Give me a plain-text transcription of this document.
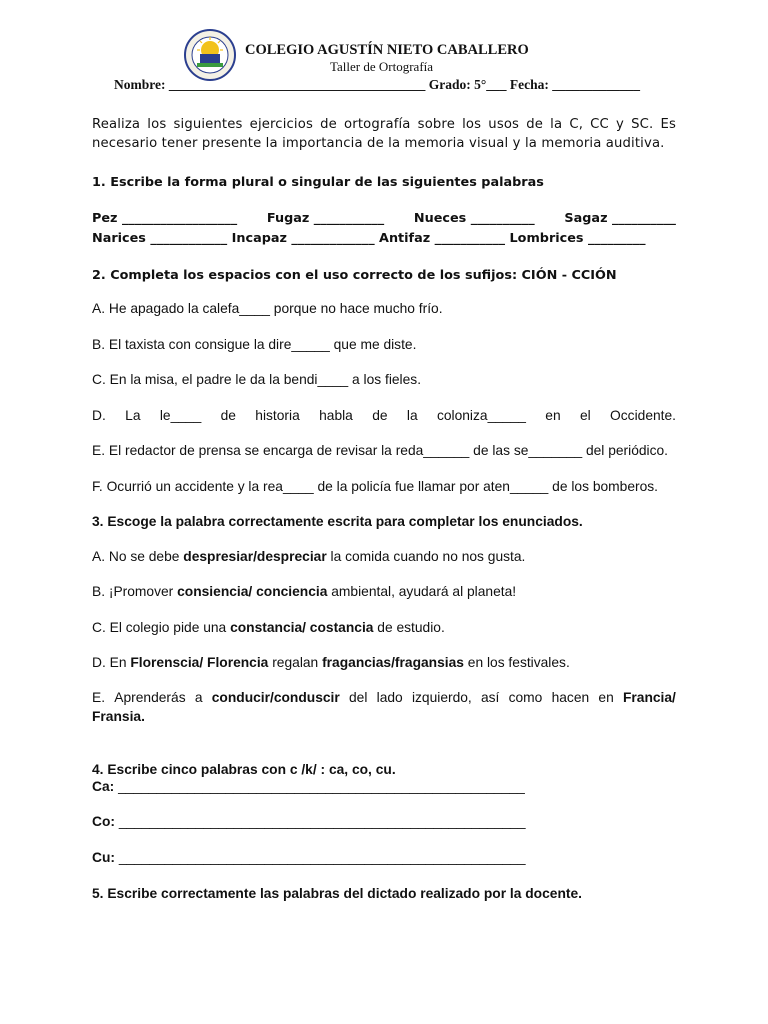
COLEGIO AGUSTÍN NIETO CABALLERO
Taller de Ortografía
Nombre: ______________________________________ Grado: 5°___ Fecha: _____________
Realiza los siguientes ejercicios de ortografía sobre los usos de la C, CC y SC. Es
necesario tener presente la importancia de la memoria visual y la memoria auditiva.
1. Escribe la forma plural o singular de las siguientes palabras
Pez __________________ Fugaz ___________ Nueces __________ Sagaz __________
Narices ____________ Incapaz _____________ Antifaz ___________ Lombrices _________
2. Completa los espacios con el uso correcto de los sufijos: CIÓN - CCIÓN
A. He apagado la calefa____ porque no hace mucho frío.
B. El taxista con consigue la dire_____ que me diste.
C. En la misa, el padre le da la bendi____ a los fieles.
D. La le____ de historia habla de la coloniza_____ en el Occidente.
E. El redactor de prensa se encarga de revisar la reda______ de las se_______ del periódico.
F. Ocurrió un accidente y la rea____ de la policía fue llamar por aten_____ de los bomberos.
3. Escoge la palabra correctamente escrita para completar los enunciados.
A. No se debe despresiar/despreciar la comida cuando no nos gusta.
B. ¡Promover consiencia/ conciencia ambiental, ayudará al planeta!
C. El colegio pide una constancia/ costancia de estudio.
D. En Florenscia/ Florencia regalan fragancias/fragansias en los festivales.
E. Aprenderás a conducir/conduscir del lado izquierdo, así como hacen en Francia/
Fransia.
4. Escribe cinco palabras con c /k/ : ca, co, cu.
Ca: _____________________________________________________
Co: _____________________________________________________
Cu: _____________________________________________________
5. Escribe correctamente las palabras del dictado realizado por la docente.
